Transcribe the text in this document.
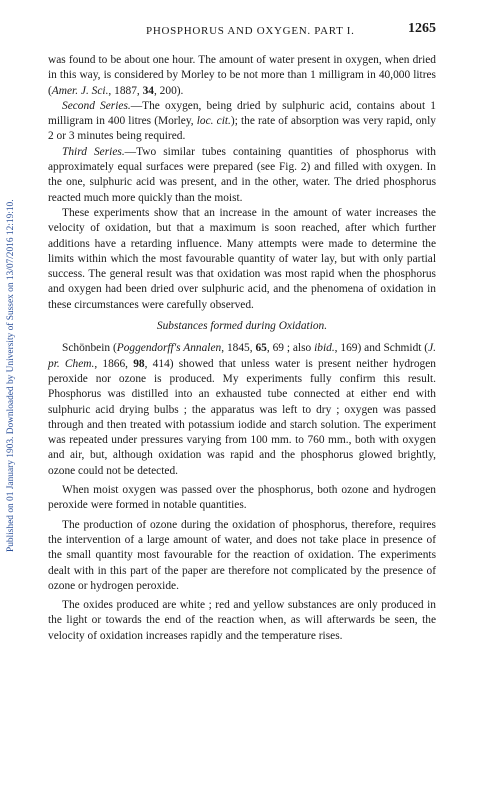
Published on 01 January 1903. Downloaded by University of Sussex on 13/07/2016 12:19:10.
PHOSPHORUS AND OXYGEN. PART I.	1265

was found to be about one hour. The amount of water present in oxygen, when dried in this way, is considered by Morley to be not more than 1 milligram in 40,000 litres (Amer. J. Sci., 1887, 34, 200).

Second Series.—The oxygen, being dried by sulphuric acid, contains about 1 milligram in 400 litres (Morley, loc. cit.); the rate of absorption was very rapid, only 2 or 3 minutes being required.

Third Series.—Two similar tubes containing quantities of phosphorus with approximately equal surfaces were prepared (see Fig. 2) and filled with oxygen. In the one, sulphuric acid was present, and in the other, water. The dried phosphorus reacted much more quickly than the moist.

These experiments show that an increase in the amount of water increases the velocity of oxidation, but that a maximum is soon reached, after which further additions have a retarding influence. Many attempts were made to determine the limits within which the most favourable quantity of water lay, but with only partial success. The general result was that oxidation was most rapid when the phosphorus and oxygen had been dried over sulphuric acid, and the phenomena of oxidation in these circumstances were carefully observed.

Substances formed during Oxidation.

Schönbein (Poggendorff's Annalen, 1845, 65, 69 ; also ibid., 169) and Schmidt (J. pr. Chem., 1866, 98, 414) showed that unless water is present neither hydrogen peroxide nor ozone is produced. My experiments fully confirm this result. Phosphorus was distilled into an exhausted tube connected at either end with sulphuric acid drying bulbs ; the apparatus was left to dry ; oxygen was passed through and then treated with potassium iodide and starch solution. The experiment was repeated under pressures varying from 100 mm. to 760 mm., both with oxygen and air, but, although oxidation was rapid and the phosphorus glowed brightly, ozone could not be detected.

When moist oxygen was passed over the phosphorus, both ozone and hydrogen peroxide were formed in notable quantities.

The production of ozone during the oxidation of phosphorus, therefore, requires the intervention of a large amount of water, and does not take place in presence of the small quantity most favourable for the reaction of oxidation. The experiments dealt with in this part of the paper are therefore not complicated by the presence of ozone or hydrogen peroxide.

The oxides produced are white ; red and yellow substances are only produced in the light or towards the end of the reaction when, as will afterwards be seen, the velocity of oxidation increases rapidly and the temperature rises.
